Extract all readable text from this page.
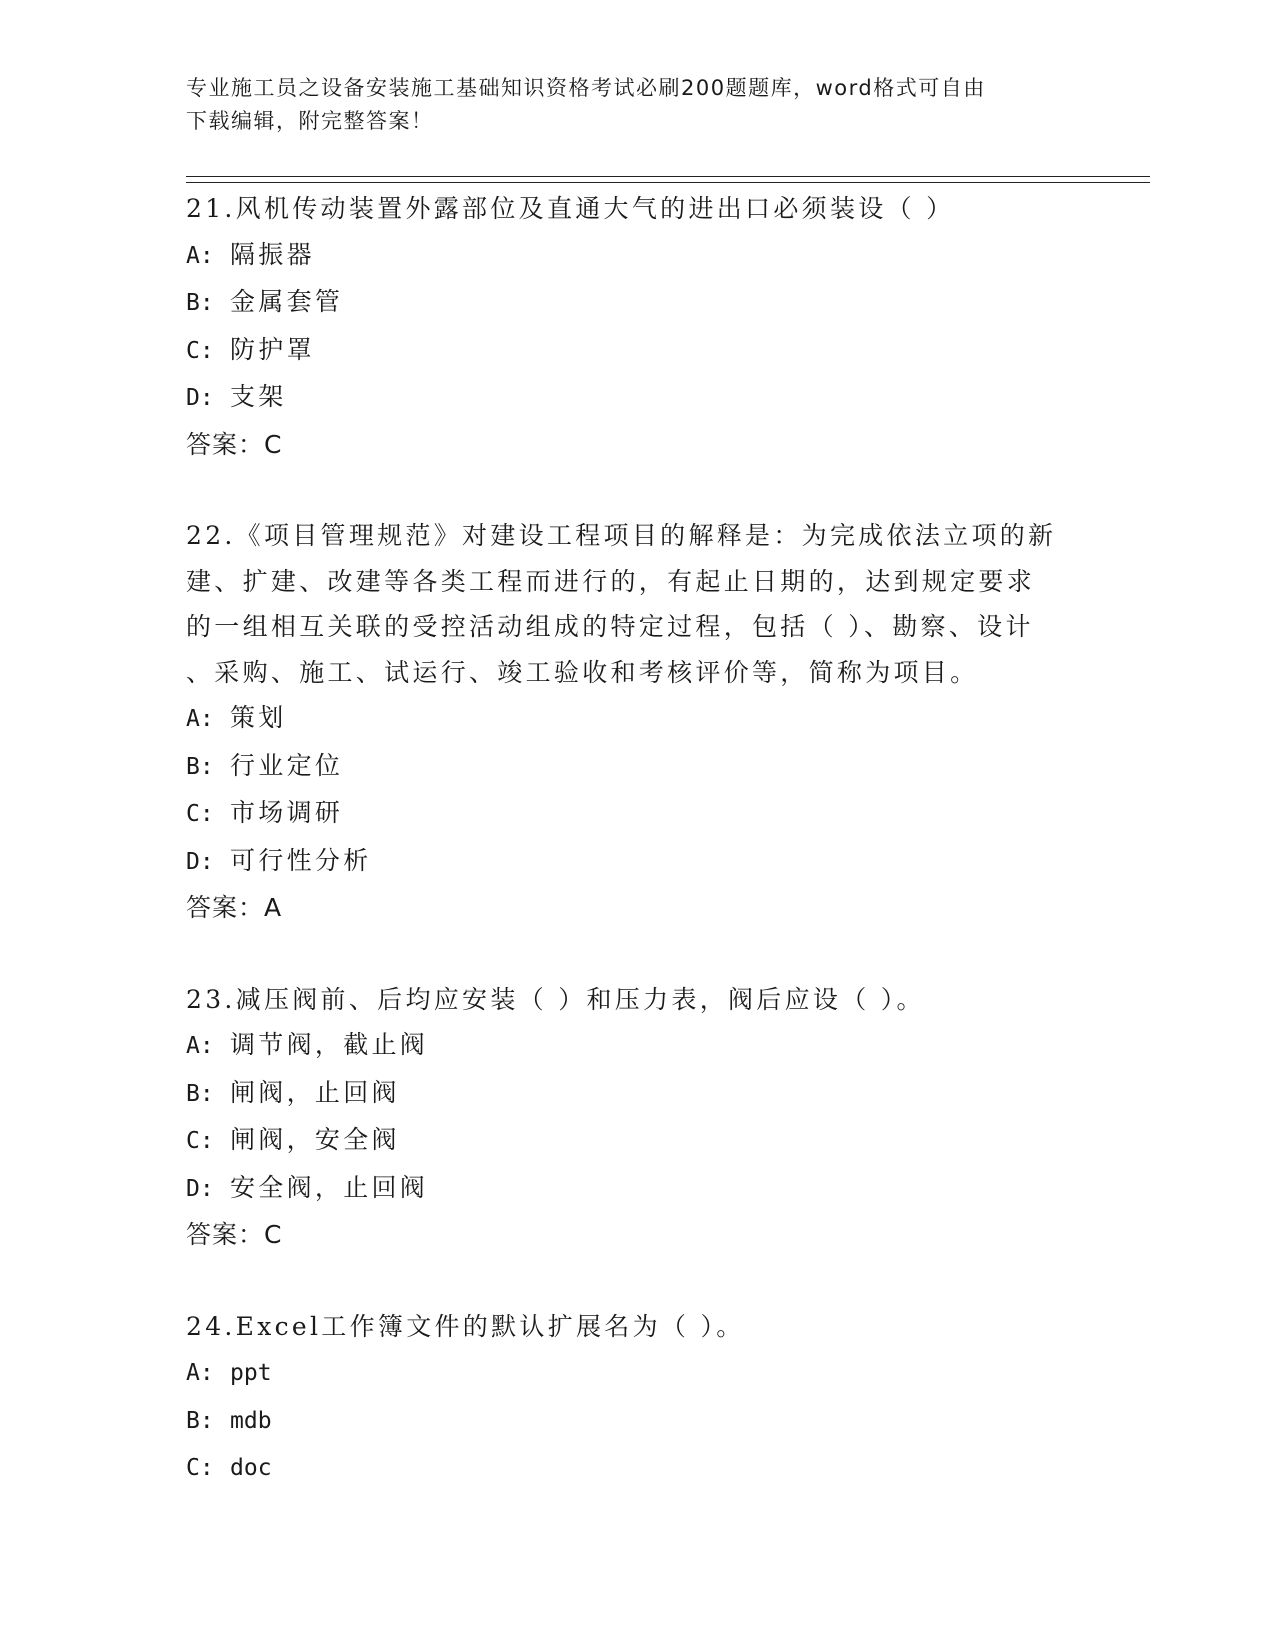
专业施工员之设备安装施工基础知识资格考试必刷200题题库，word格式可自由
下载编辑，附完整答案！

21.风机传动装置外露部位及直通大气的进出口必须装设（ ）

A: 隔振器

B: 金属套管

C: 防护罩

D: 支架

答案：C

22.《项目管理规范》对建设工程项目的解释是：为完成依法立项的新

建、扩建、改建等各类工程而进行的，有起止日期的，达到规定要求

的一组相互关联的受控活动组成的特定过程，包括（ ）、勘察、设计

、采购、施工、试运行、竣工验收和考核评价等，简称为项目。

A: 策划

B: 行业定位

C: 市场调研

D: 可行性分析

答案：A

23.减压阀前、后均应安装（ ）和压力表，阀后应设（ ）。

A: 调节阀，截止阀

B: 闸阀，止回阀

C: 闸阀，安全阀

D: 安全阀，止回阀

答案：C

24.Excel工作簿文件的默认扩展名为（ ）。

A: ppt

B: mdb

C: doc
